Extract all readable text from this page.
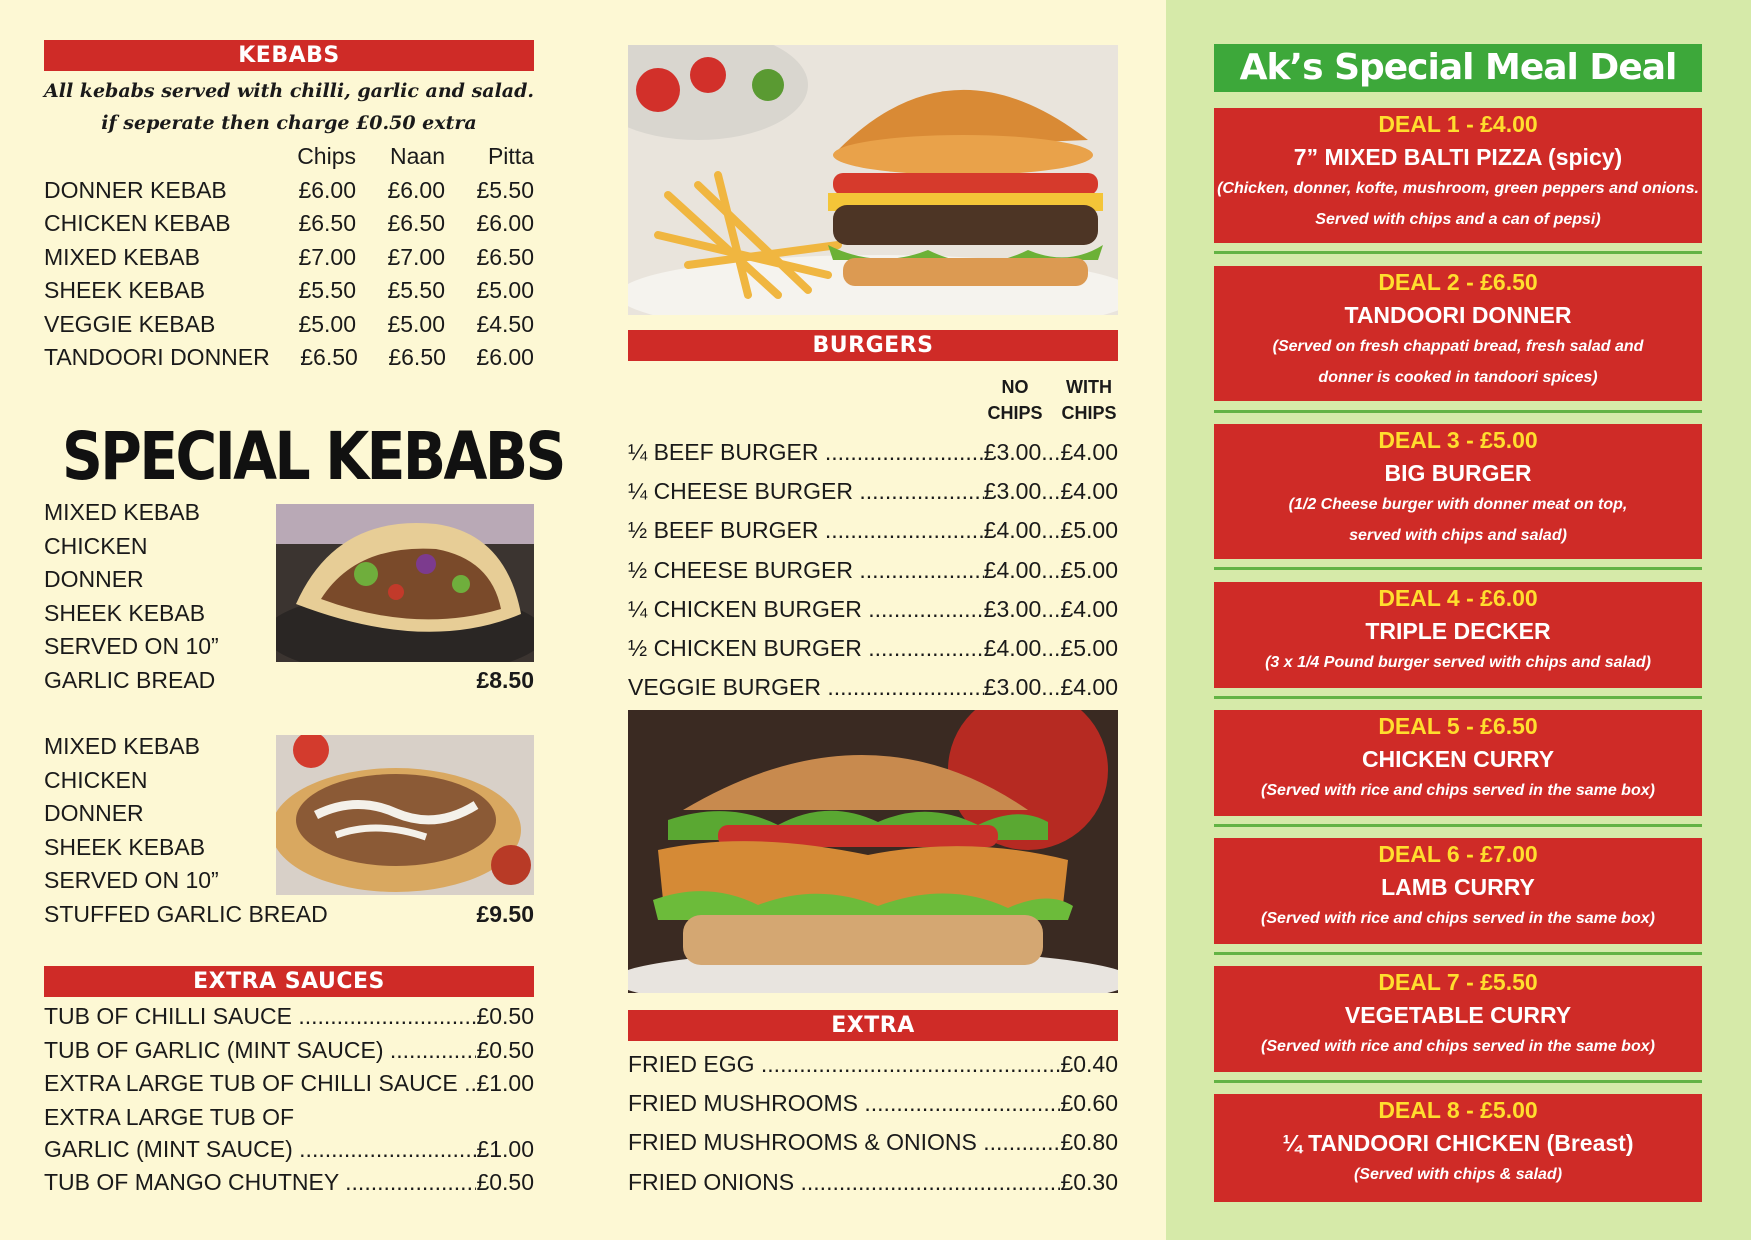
KEBABS
All kebabs served with chilli, garlic and salad. if seperate then charge £0.50 extra
Chips	Naan	Pitta
DONNER KEBAB	£6.00	£6.00	£5.50
CHICKEN KEBAB	£6.50	£6.50	£6.00
MIXED KEBAB	£7.00	£7.00	£6.50
SHEEK KEBAB	£5.50	£5.50	£5.00
VEGGIE KEBAB	£5.00	£5.00	£4.50
TANDOORI DONNER	£6.50	£6.50	£6.00
SPECIAL KEBABS
MIXED KEBAB
CHICKEN
DONNER
SHEEK KEBAB
SERVED ON 10”
GARLIC BREAD	£8.50
MIXED KEBAB
CHICKEN
DONNER
SHEEK KEBAB
SERVED ON 10”
STUFFED GARLIC BREAD	£9.50
EXTRA SAUCES
TUB OF CHILLI SAUCE .....	£0.50
TUB OF GARLIC (MINT SAUCE) .....	£0.50
EXTRA LARGE TUB OF CHILLI SAUCE ..... £1.00
EXTRA LARGE TUB OF
GARLIC (MINT SAUCE) .....	£1.00
TUB OF MANGO CHUTNEY .....	£0.50
BURGERS
NO
CHIPS
WITH
CHIPS
¼ BEEF BURGER .....	£3.00 ... £4.00
¼ CHEESE BURGER .....	£3.00 ... £4.00
½ BEEF BURGER .....	£4.00 ... £5.00
½ CHEESE BURGER .....	£4.00 ... £5.00
¼ CHICKEN BURGER .....	£3.00 ... £4.00
½ CHICKEN BURGER .....	£4.00 ... £5.00
VEGGIE BURGER .....	£3.00 ... £4.00
EXTRA
FRIED EGG .....	£0.40
FRIED MUSHROOMS .....	£0.60
FRIED MUSHROOMS & ONIONS .....	£0.80
FRIED ONIONS .....	£0.30
Ak’s Special Meal Deal
DEAL 1 - £4.00
7” MIXED BALTI PIZZA (spicy)
(Chicken, donner, kofte, mushroom, green peppers and onions.
Served with chips and a can of pepsi)
DEAL 2 - £6.50
TANDOORI DONNER
(Served on fresh chappati bread, fresh salad and
donner is cooked in tandoori spices)
DEAL 3 - £5.00
BIG BURGER
(1/2 Cheese burger with donner meat on top,
served with chips and salad)
DEAL 4 - £6.00
TRIPLE DECKER
(3 x 1/4 Pound burger served with chips and salad)
DEAL 5 - £6.50
CHICKEN CURRY
(Served with rice and chips served in the same box)
DEAL 6 - £7.00
LAMB CURRY
(Served with rice and chips served in the same box)
DEAL 7 - £5.50
VEGETABLE CURRY
(Served with rice and chips served in the same box)
DEAL 8 - £5.00
¼ TANDOORI CHICKEN (Breast)
(Served with chips & salad)
